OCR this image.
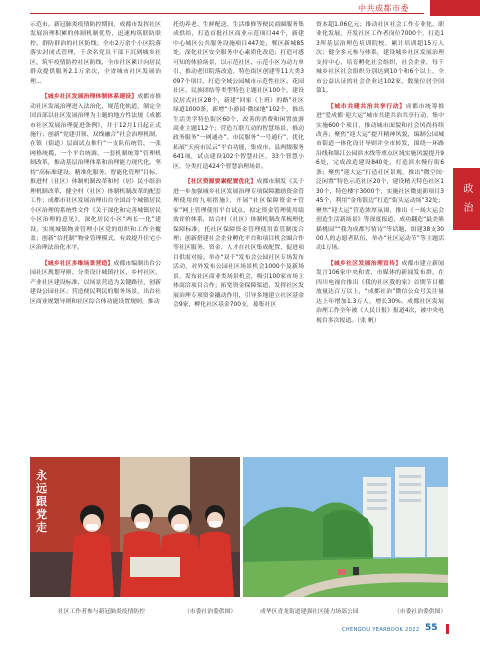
中共成都市委
政 治

示范市。新冠肺炎疫情防控期间，成都市发挥社区发展治理积累的体制机制优势，迅速构筑联防联控、群防群治的社区防线；全市2万余个小区院落落实封闭式管理，千余名党员干部下沉到城乡社区，筑牢疫情防控社区防线，全市社区累计向居民群众提供服务2.1万余次，全省城市社区发展治理...

【城乡社区发展治理体制体系建设】成都市推动社区发展治理进入法治化、规范化轨道，制定全国首部以社区发展治理为主题的地方性法规《成都市社区发展治理促进条例》，并于12月1日起正式施行；创新“党建引领、双线融合”社会治理机制，在镇（街道）层面试点推行“一支队伍统管、一张网格统揽、一个平台统调、一套机制统筹”管理机制改革，推动基层治理体系和治理能力现代化。坚持“高标准建设、精准化服务、智能化管理”目标，推进村（社区）体制机制改革和村（居）民小组治理机制改革，健全村（社区）体制机制改革的配套工作；成都市社区发展治理出台全国首个城镇居民小区治理的系统性文件《关于深化和完善城镇居民小区治理的意见》，深化居民小区“两长一化”建设，实现城镇物业管理小区党的组织和工作全覆盖；创新“信托制”物业管理模式，有效提升住宅小区治理法治化水平。

【城乡社区多维场景营造】成都市编制出台公园社区规划导则、分类设计城镇社区、乡村社区、产业社区建设标准，以场景营造为关键路径，创新建设公园社区；营造便民利民的服务场景，出台社区商业规划导则和社区综合体功能设置规则，推动

托幼养老、生鲜配送、生活维修等便民商圈服务集成供给，打造首批社区商业示范项目44个，新建中心城区公共服务设施项目447处，郫区新城85处，深化社区安全服务中心素质化改造；打造可感可知的体验场景，以示范社区、示范小区为动力单引，推动老旧院落改造，特色街区创建等11大类3097个项目，打造全域公园城市示范性社区、花园社区、民族团结等类型特色主题社区100个，建设民居式社区28个，新建“回家（上班）的路”社区绿道1000条，新增“小游园·微绿地”102个，推出生活美学特色街区60个，改善的消费和闲置放游商业主题112个；营造互联互动的智慧场景，推动政务服务“一网通办”、市民服务“一号通行”，优化拓展“天府市民云”平台功能，集成市、县两级服务641项，试点建设102个智慧社区，33个智慧小区，分类打造424个智慧治理场景。

【社区资源要素配置优化】成都市制发《关于进一步加强城乡社区发展治理专项保障激励资金管理使用的九项措施》，开展“社区保障资金+管家”网上管理使用平台试点，拟定资金管理使用绩效评价体系，结合村（社区）体制机制改革梳理化保障标准，托社区保障资金管理使用监管制度合理；创新搭建社会企业孵化平台和项目机会圈合作等社区服务、资金、人才在社区集成配置，促进项目供需对接。举办“双千”发布会公园社区专场发布活动，对外发布公园社区场景机会1000个及新场景，发布社区商业类场景机会，吸引100家市场主体商洽项目合作；拓宽资金保障渠道，发挥社区发展治理专项资金撬动作用，引导多地建立社区基金会9家，孵化社区基金700支，募集社区

资本超1.06亿元；推动社区社会工作专业化、职业化发展，开发社区工作者岗位7000个，打造13所基层治理色培训院校，累计培训超15万人次；健全多元参与体系，建设城乡社区发展治理支持中心，培育孵化社会组织，社会企业，每千城乡社区社会组织分别达到10个和6个以上，全市公益认证的社会企业达102家，数量位居全国第1。

【城市共建共治共享行动】成都市统筹推进“爱成都·迎大运”城市共建共治共享行动，集中实施600个项目，推动城市面貌和社会风尚持续改善；聚焦“迎大运”提升精神风貌，编制公园城市街道一体化设计导则并全市转发，围绕一环路沿线和锦江公园滨水线等重点区域实施风貌提升96处，完成改造建设840处，打造滨水慢行街6条；聚焦“迎大运”打造社区景观，推出“微空间·泛闲置”特色示范社区20个，建设精天特色社区130个，特色楼宇3000个，实施社区微更新项目345个，利用“金角银边”打造“街头运动场”32处；聚焦“迎大运”营造浓厚氛围，推出《一场大运会创造生活新场景》等深度报道，成功翻造“最美熊猫桃园”“我为成都写情诗”等话题，组建38支3000人的志愿者队伍，举办“社区运动节”等主题活动1万场。

【城乡社区发展治理宣传】成都市建立新闻发言106家中央和省、市媒体的新闻发布群，在四川电视台推出《我的社区我的家》首期节目播放量达百万以上，“成都社治”微信公众号关注量达上年增加1.3万人，增长30%。成都社区发展治理工作全年被《人民日报》报道4次，被中央电视台多次报道。（张 帆）

永
远
跟
党
走
社区工作者参与新冠肺炎疫情防控	（市委社治委供图）	成华区青龙街道建强社区能力场部公园	（市委社治委供图）
CHENGDU YEARBOOK 2022 55
